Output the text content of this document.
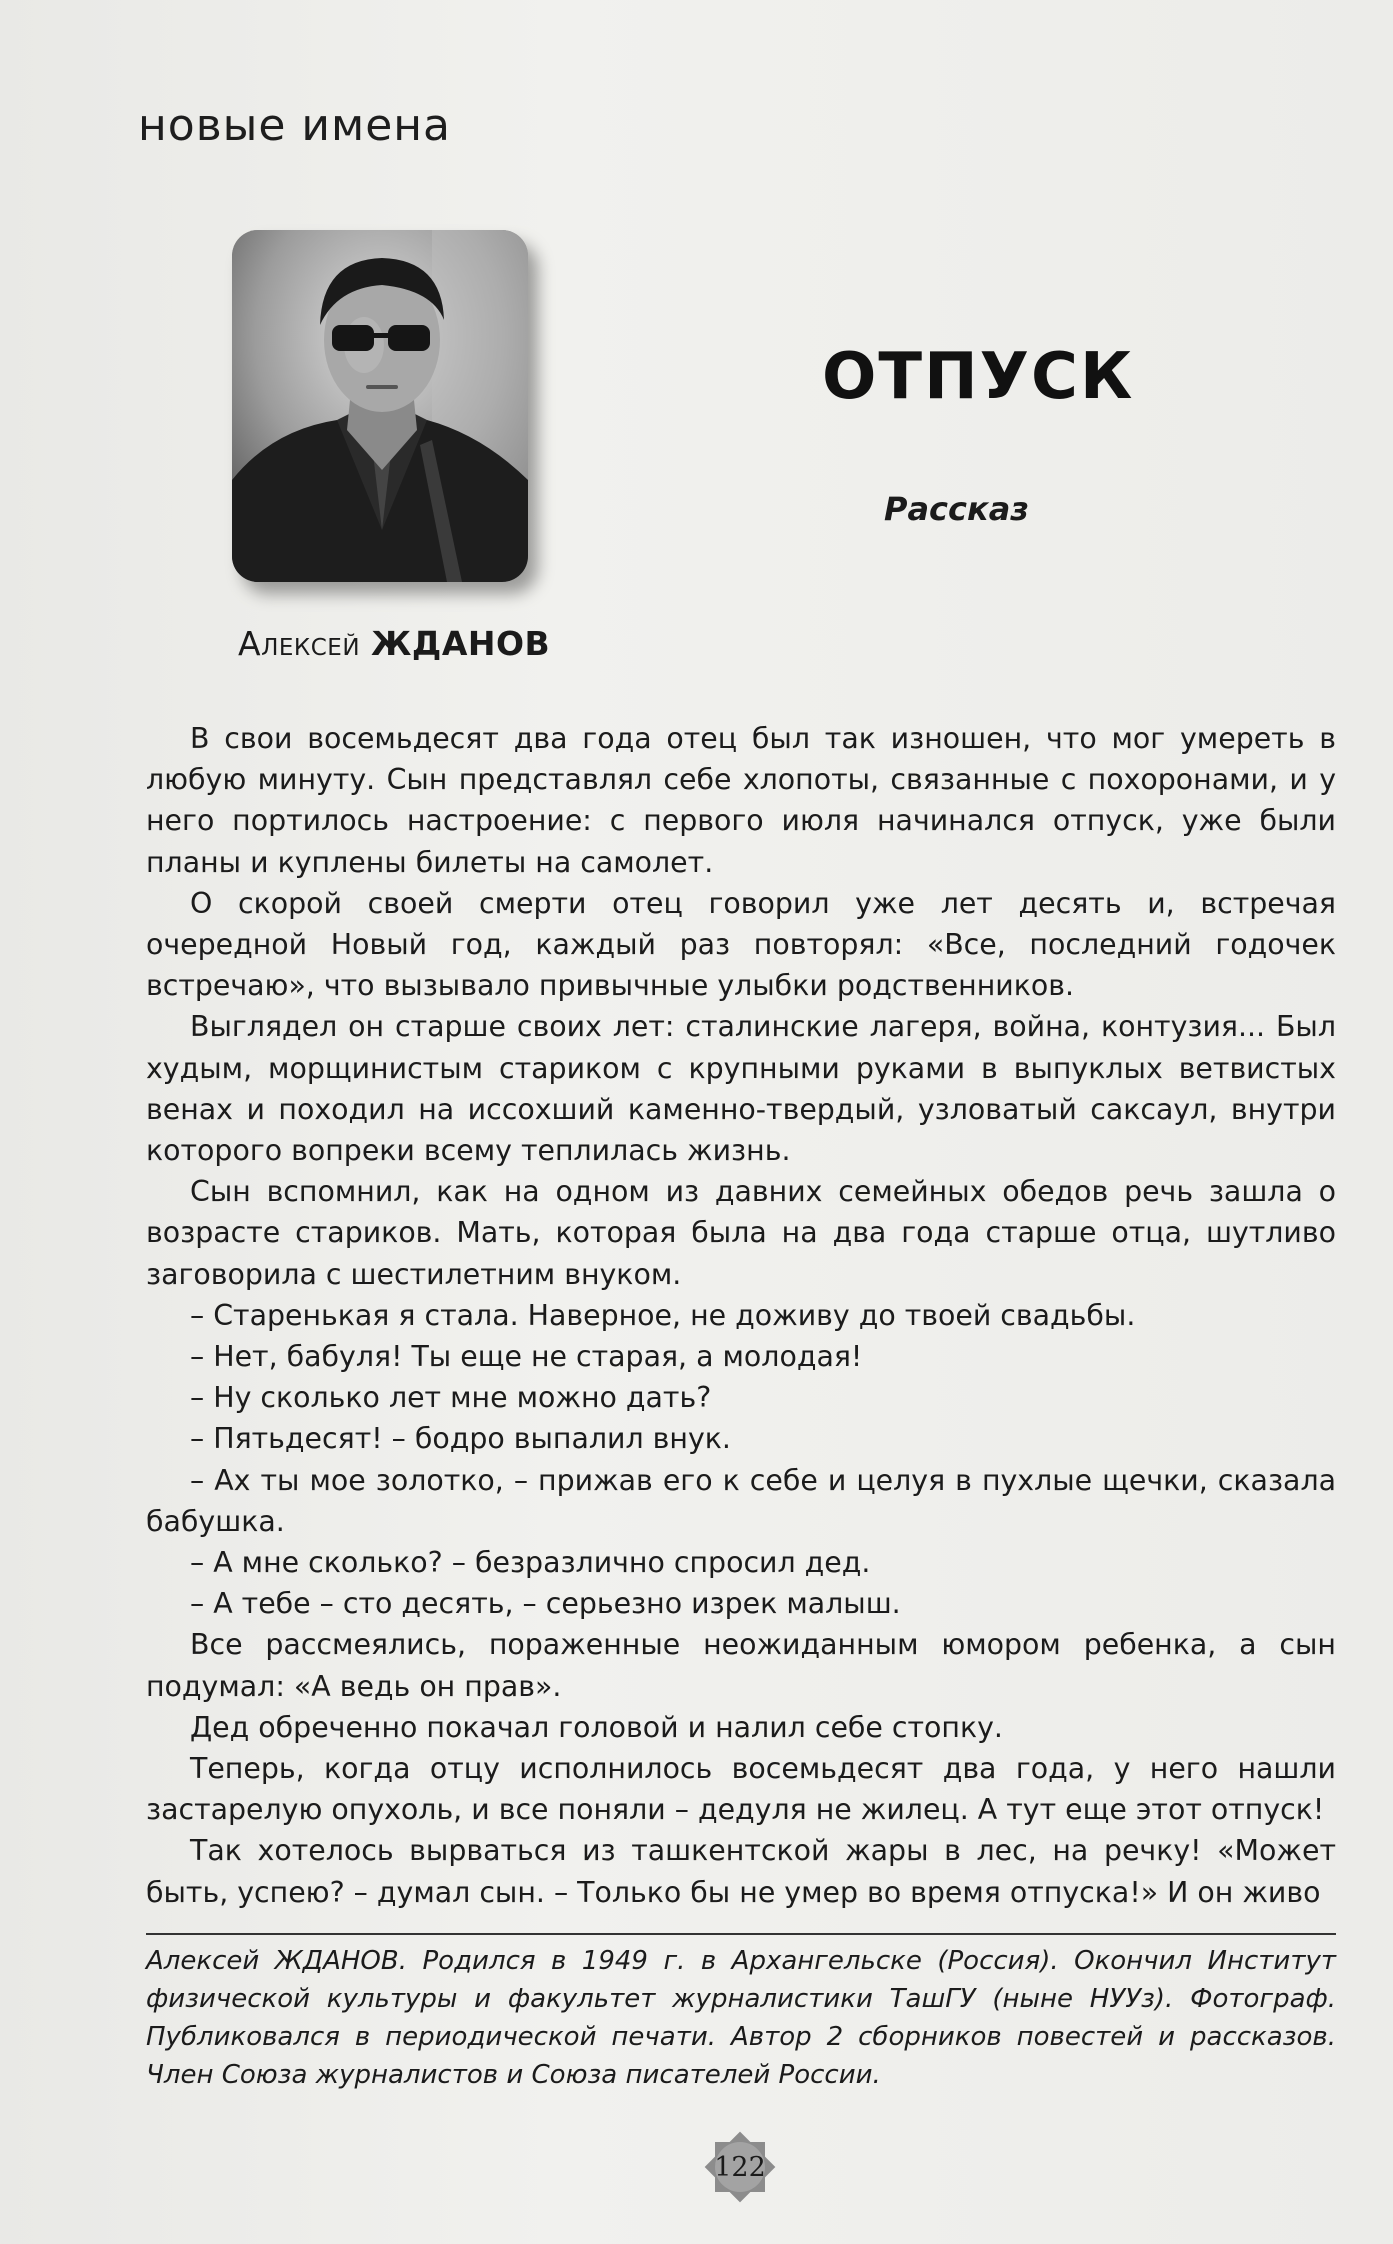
новые имена
Алексей ЖДАНОВ
ОТПУСК
Рассказ

В свои восемьдесят два года отец был так изношен, что мог умереть в любую минуту. Сын представлял себе хлопоты, связанные с похоронами, и у него портилось настроение: с первого июля начинался отпуск, уже были планы и куплены билеты на самолет.

О скорой своей смерти отец говорил уже лет десять и, встречая очередной Новый год, каждый раз повторял: «Все, последний годочек встречаю», что вызывало привычные улыбки родственников.

Выглядел он старше своих лет: сталинские лагеря, война, контузия... Был худым, морщинистым стариком с крупными руками в выпуклых ветвистых венах и походил на иссохший каменно-твердый, узловатый саксаул, внутри которого вопреки всему теплилась жизнь.

Сын вспомнил, как на одном из давних семейных обедов речь зашла о возрасте стариков. Мать, которая была на два года старше отца, шутливо заговорила с шестилетним внуком.

– Старенькая я стала. Наверное, не доживу до твоей свадьбы.

– Нет, бабуля! Ты еще не старая, а молодая!

– Ну сколько лет мне можно дать?

– Пятьдесят! – бодро выпалил внук.

– Ах ты мое золотко, – прижав его к себе и целуя в пухлые щечки, сказала бабушка.

– А мне сколько? – безразлично спросил дед.

– А тебе – сто десять, – серьезно изрек малыш.

Все рассмеялись, пораженные неожиданным юмором ребенка, а сын подумал: «А ведь он прав».

Дед обреченно покачал головой и налил себе стопку.

Теперь, когда отцу исполнилось восемьдесят два года, у него нашли застарелую опухоль, и все поняли – дедуля не жилец. А тут еще этот отпуск!

Так хотелось вырваться из ташкентской жары в лес, на речку! «Может быть, успею? – думал сын. – Только бы не умер во время отпуска!» И он живо

Алексей ЖДАНОВ. Родился в 1949 г. в Архангельске (Россия). Окончил Институт физической культуры и факультет журналистики ТашГУ (ныне НУУз). Фотограф. Публиковался в периодической печати. Автор 2 сборников повестей и рассказов. Член Союза журналистов и Союза писателей России.
122
